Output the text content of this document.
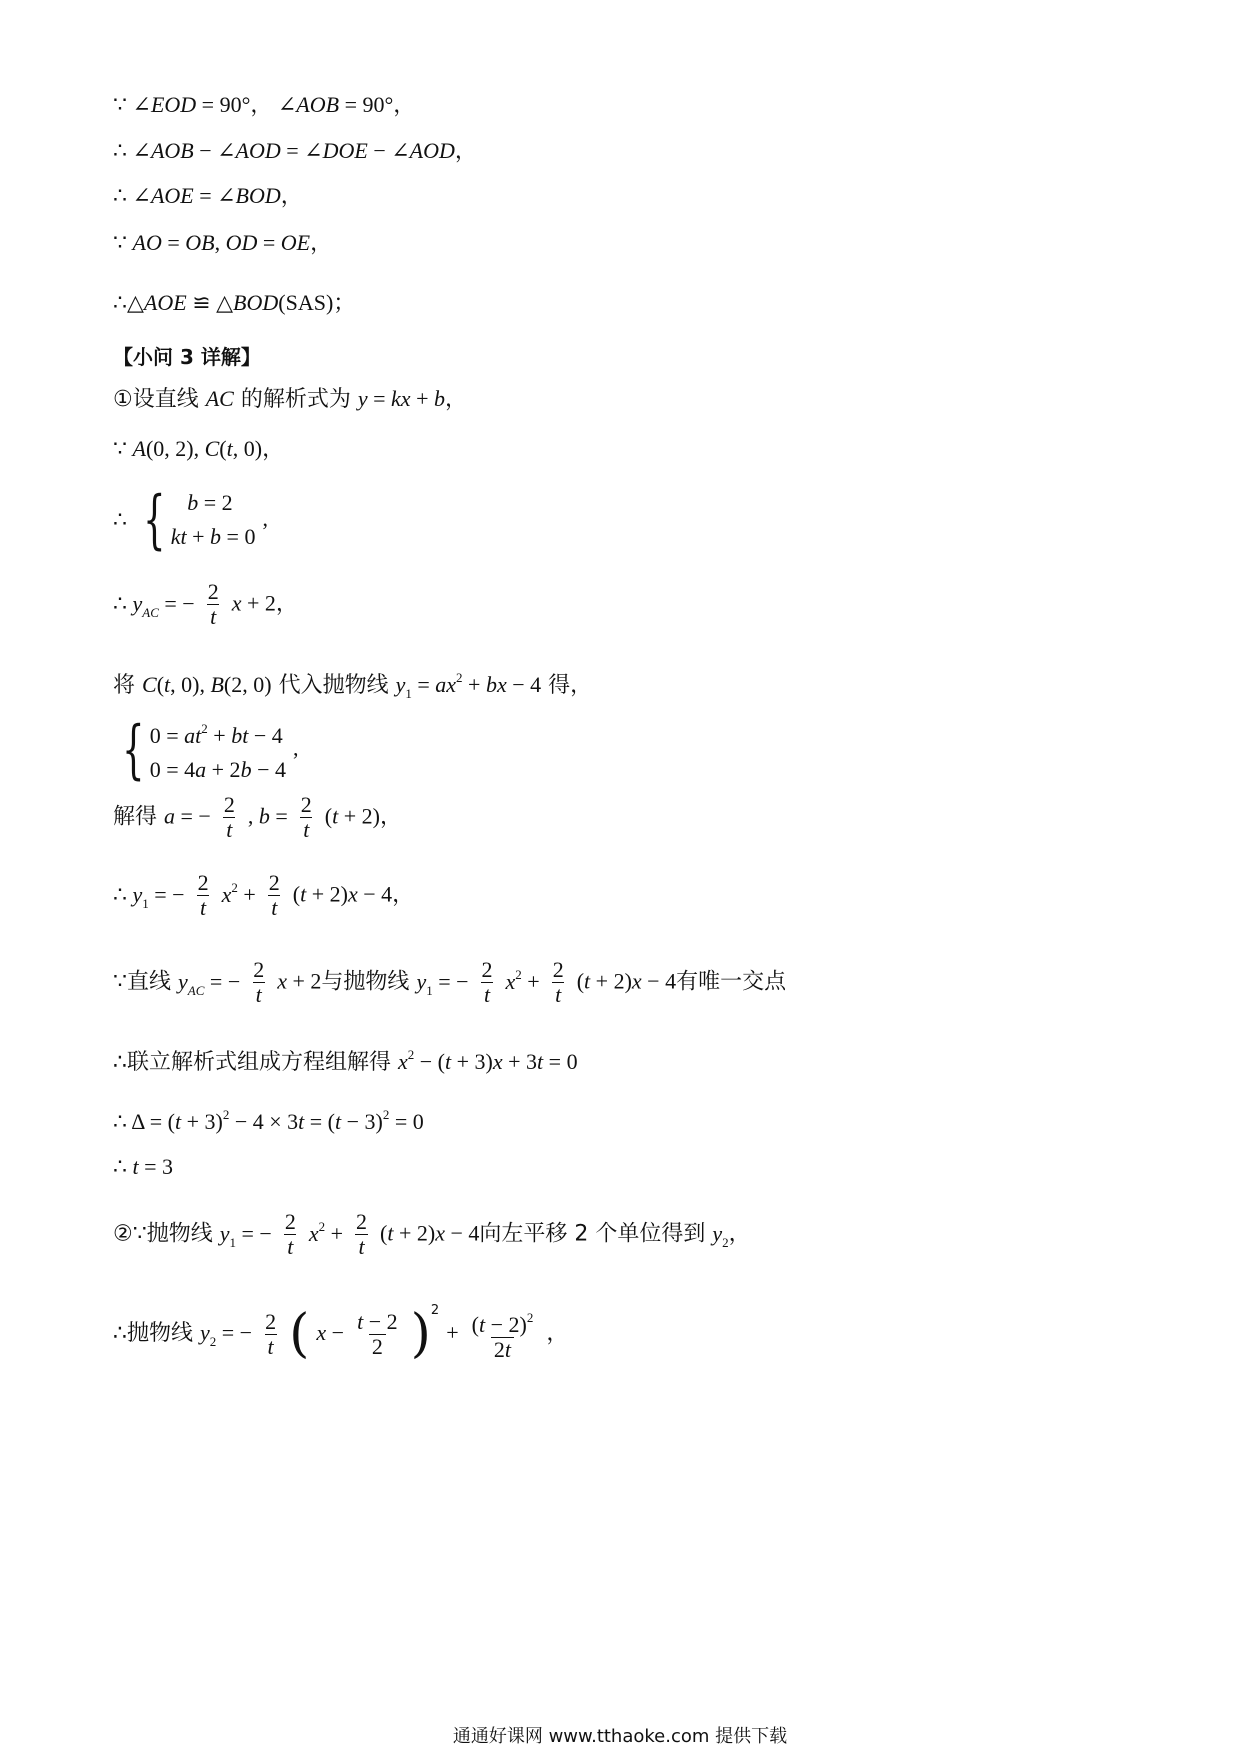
∵ ∠EOD = 90°， ∠AOB = 90°，
∴ ∠AOB − ∠AOD = ∠DOE − ∠AOD，
∴ ∠AOE = ∠BOD，
∵ AO = OB, OD = OE，
∴△AOE ≌ △BOD(SAS)；
【小问 3 详解】
①设直线 AC 的解析式为 y = kx + b，
∵ A(0, 2), C(t, 0)，
∴ { b = 2
kt + b = 0
,
∴ $y_{AC}$ = − $\frac{2}{t}$ x + 2，
将 C(t, 0), B(2, 0) 代入抛物线 $y_1 = ax^2$ + bx − 4 得，
{ $0 = at^2$ + bt − 4
0 = 4a + 2b − 4
,
解得 a = − $\frac{2}{t}$ , $b = \frac{2}{t} (t + 2)$，
∴ $y_1$ = − $\frac{2}{t} x^2 + \frac{2}{t} (t + 2)x - 4$，
∵直线 $y_{AC}$ = − $\frac{2}{t}$ x + 2与抛物线 $y_1$ = − $\frac{2}{t} x^2 + \frac{2}{t} (t + 2)x - 4$有唯一交点
∴联立解析式组成方程组解得 $x^2 - (t + 3)x + 3t = 0$
∴ $\Delta = (t + 3)^2 - 4 \times 3t = (t - 3)^2 = 0$
∴ t = 3
②∵抛物线 $y_1$ = − $\frac{2}{t} x^2 + \frac{2}{t} (t + 2)x - 4$向左平移 2 个单位得到 $y_2$，
∴抛物线 $y_2$ = − $\frac{2}{t}$ ( $x - \frac{t - 2}{2} )^2 + \frac{(t - 2)^2}{2t}$ ，
通通好课网 www.tthaoke.com 提供下载
